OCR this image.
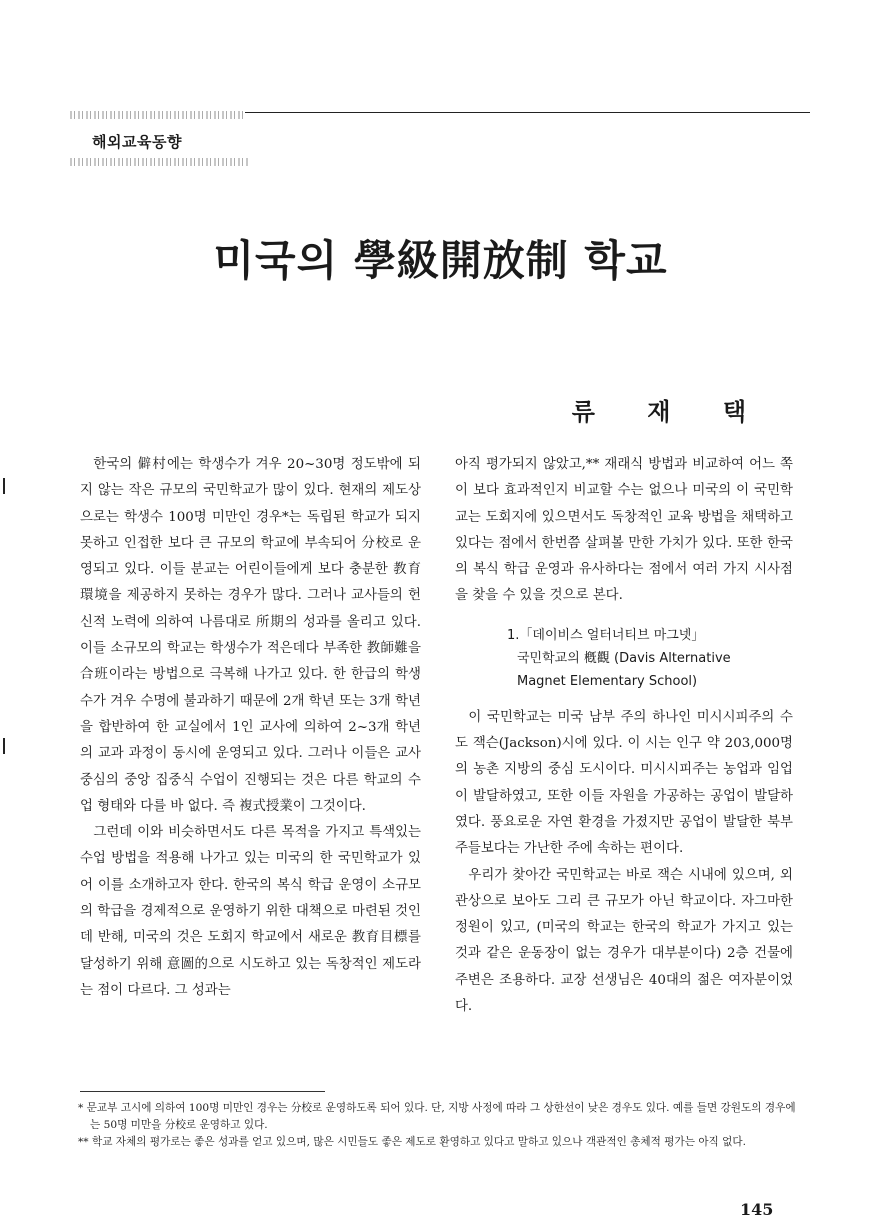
해외교육동향
미국의 學級開放制 학교
류 재 택

한국의 僻村에는 학생수가 겨우 20~30명 정도밖에 되지 않는 작은 규모의 국민학교가 많이 있다. 현재의 제도상으로는 학생수 100명 미만인 경우*는 독립된 학교가 되지 못하고 인접한 보다 큰 규모의 학교에 부속되어 分校로 운영되고 있다. 이들 분교는 어린이들에게 보다 충분한 教育環境을 제공하지 못하는 경우가 많다. 그러나 교사들의 헌신적 노력에 의하여 나름대로 所期의 성과를 올리고 있다. 이들 소규모의 학교는 학생수가 적은데다 부족한 教師難을 合班이라는 방법으로 극복해 나가고 있다. 한 한급의 학생수가 겨우 수명에 불과하기 때문에 2개 학년 또는 3개 학년을 합반하여 한 교실에서 1인 교사에 의하여 2~3개 학년의 교과 과정이 동시에 운영되고 있다. 그러나 이들은 교사 중심의 중앙 집중식 수업이 진행되는 것은 다른 학교의 수업 형태와 다를 바 없다. 즉 複式授業이 그것이다.

그런데 이와 비슷하면서도 다른 목적을 가지고 특색있는 수업 방법을 적용해 나가고 있는 미국의 한 국민학교가 있어 이를 소개하고자 한다. 한국의 복식 학급 운영이 소규모의 학급을 경제적으로 운영하기 위한 대책으로 마련된 것인데 반해, 미국의 것은 도회지 학교에서 새로운 教育目標를 달성하기 위해 意圖的으로 시도하고 있는 독창적인 제도라는 점이 다르다. 그 성과는

아직 평가되지 않았고,** 재래식 방법과 비교하여 어느 쪽이 보다 효과적인지 비교할 수는 없으나 미국의 이 국민학교는 도회지에 있으면서도 독창적인 교육 방법을 채택하고 있다는 점에서 한번쯤 살펴볼 만한 가치가 있다. 또한 한국의 복식 학급 운영과 유사하다는 점에서 여러 가지 시사점을 찾을 수 있을 것으로 본다.

1.「데이비스 얼터너티브 마그넷」
국민학교의 槪觀 (Davis Alternative
Magnet Elementary School)

이 국민학교는 미국 남부 주의 하나인 미시시피주의 수도 잭슨(Jackson)시에 있다. 이 시는 인구 약 203,000명의 농촌 지방의 중심 도시이다. 미시시피주는 농업과 임업이 발달하였고, 또한 이들 자원을 가공하는 공업이 발달하였다. 풍요로운 자연 환경을 가졌지만 공업이 발달한 북부 주들보다는 가난한 주에 속하는 편이다.

우리가 찾아간 국민학교는 바로 잭슨 시내에 있으며, 외관상으로 보아도 그리 큰 규모가 아닌 학교이다. 자그마한 정원이 있고, (미국의 학교는 한국의 학교가 가지고 있는 것과 같은 운동장이 없는 경우가 대부분이다) 2층 건물에 주변은 조용하다. 교장 선생님은 40대의 젊은 여자분이었다.

* 문교부 고시에 의하여 100명 미만인 경우는 分校로 운영하도록 되어 있다. 단, 지방 사정에 따라 그 상한선이 낮은 경우도 있다. 예를 들면 강원도의 경우에는 50명 미만을 分校로 운영하고 있다.

** 학교 자체의 평가로는 좋은 성과를 얻고 있으며, 많은 시민들도 좋은 제도로 환영하고 있다고 말하고 있으나 객관적인 총체적 평가는 아직 없다.

145
